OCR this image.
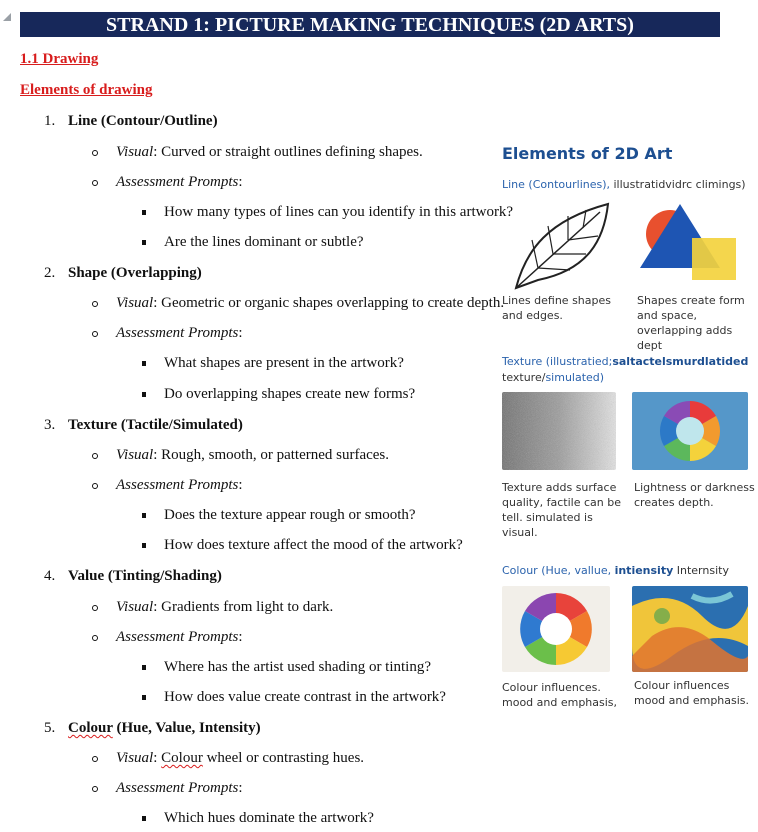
STRAND 1: PICTURE MAKING TECHNIQUES (2D ARTS)
1.1 Drawing
Elements of drawing
1. Line (Contour/Outline)
Visual: Curved or straight outlines defining shapes.
Assessment Prompts:
How many types of lines can you identify in this artwork?
Are the lines dominant or subtle?
2. Shape (Overlapping)
Visual: Geometric or organic shapes overlapping to create depth.
Assessment Prompts:
What shapes are present in the artwork?
Do overlapping shapes create new forms?
3. Texture (Tactile/Simulated)
Visual: Rough, smooth, or patterned surfaces.
Assessment Prompts:
Does the texture appear rough or smooth?
How does texture affect the mood of the artwork?
4. Value (Tinting/Shading)
Visual: Gradients from light to dark.
Assessment Prompts:
Where has the artist used shading or tinting?
How does value create contrast in the artwork?
5. Colour (Hue, Value, Intensity)
Visual: Colour wheel or contrasting hues.
Assessment Prompts:
Which hues dominate the artwork?
Elements of 2D Art
Line (Contourlines), illustratidvidrc climings)
Lines define shapes and edges.
Shapes create form and space, overlapping adds dept
Texture (illustratied;saltactelsmurdlatided
texture/simulated)
Texture adds surface quality, factile can be tell. simulated is visual.
Lightness or darkness creates depth.
Colour (Hue, vallue, intiensity Internsity
Colour influences. mood and emphasis,
Colour influences mood and emphasis.
